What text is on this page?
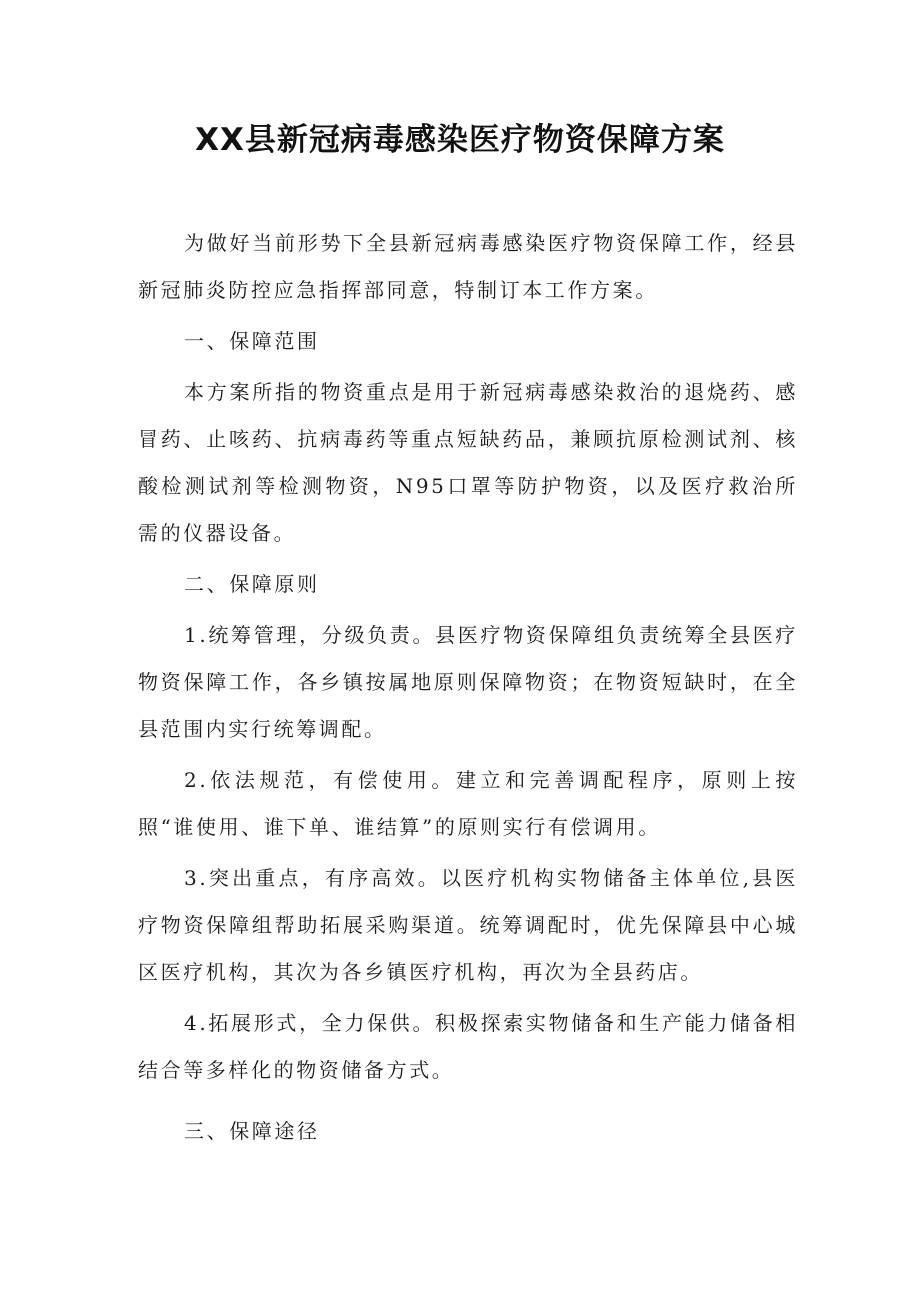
XX县新冠病毒感染医疗物资保障方案

为做好当前形势下全县新冠病毒感染医疗物资保障工作，经县新冠肺炎防控应急指挥部同意，特制订本工作方案。

一、保障范围

本方案所指的物资重点是用于新冠病毒感染救治的退烧药、感冒药、止咳药、抗病毒药等重点短缺药品，兼顾抗原检测试剂、核酸检测试剂等检测物资，N95口罩等防护物资，以及医疗救治所需的仪器设备。

二、保障原则

1.统筹管理，分级负责。县医疗物资保障组负责统筹全县医疗物资保障工作，各乡镇按属地原则保障物资；在物资短缺时，在全县范围内实行统筹调配。

2.依法规范，有偿使用。建立和完善调配程序，原则上按照“谁使用、谁下单、谁结算”的原则实行有偿调用。

3.突出重点，有序高效。以医疗机构实物储备主体单位,县医疗物资保障组帮助拓展采购渠道。统筹调配时，优先保障县中心城区医疗机构，其次为各乡镇医疗机构，再次为全县药店。

4.拓展形式，全力保供。积极探索实物储备和生产能力储备相结合等多样化的物资储备方式。

三、保障途径
